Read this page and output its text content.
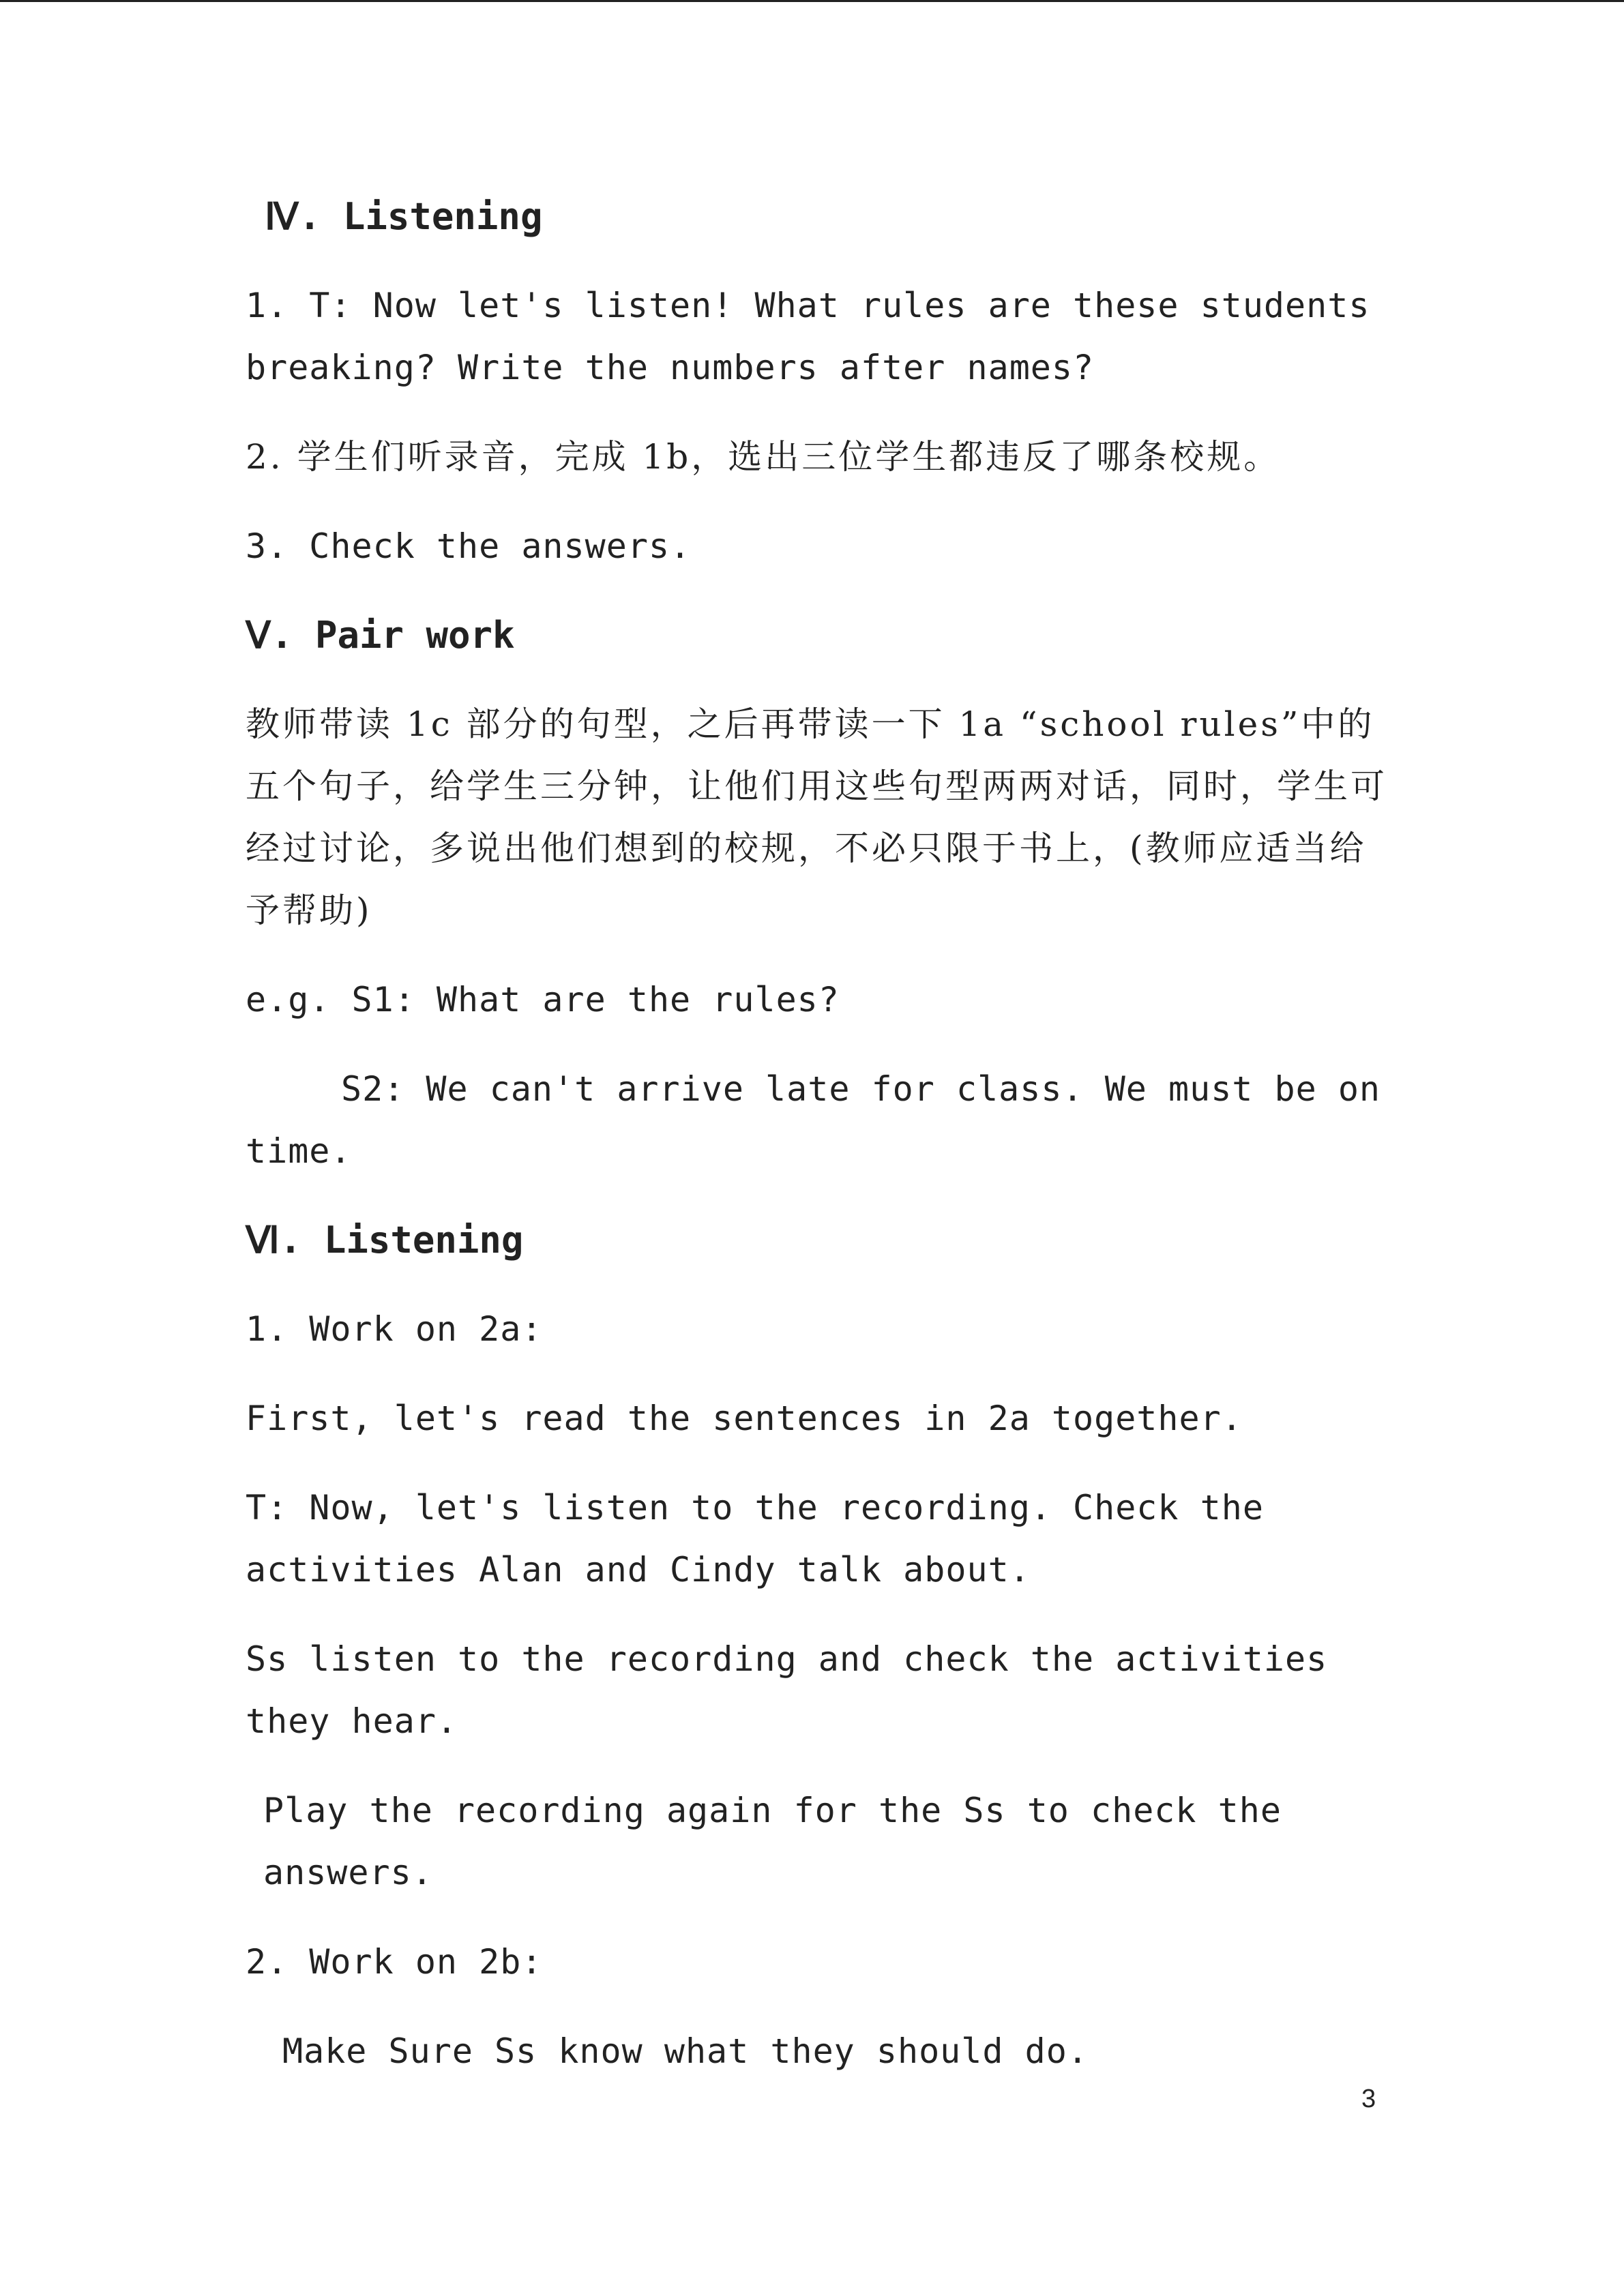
Ⅳ. Listening
1. T: Now let's listen! What rules are these students breaking? Write the numbers after names?
2. 学生们听录音，完成 1b，选出三位学生都违反了哪条校规。
3. Check the answers.
Ⅴ. Pair work
教师带读 1c 部分的句型，之后再带读一下 1a “school rules”中的五个句子，给学生三分钟，让他们用这些句型两两对话，同时，学生可经过讨论，多说出他们想到的校规，不必只限于书上，(教师应适当给予帮助)
e.g. S1: What are the rules?
S2: We can't arrive late for class. We must be on time.
Ⅵ. Listening
1. Work on 2a:
First, let's read the sentences in 2a together.
T: Now, let's listen to the recording. Check the activities Alan and Cindy talk about.
Ss listen to the recording and check the activities they hear.
Play the recording again for the Ss to check the answers.
2. Work on 2b:
Make Sure Ss know what they should do.
3
